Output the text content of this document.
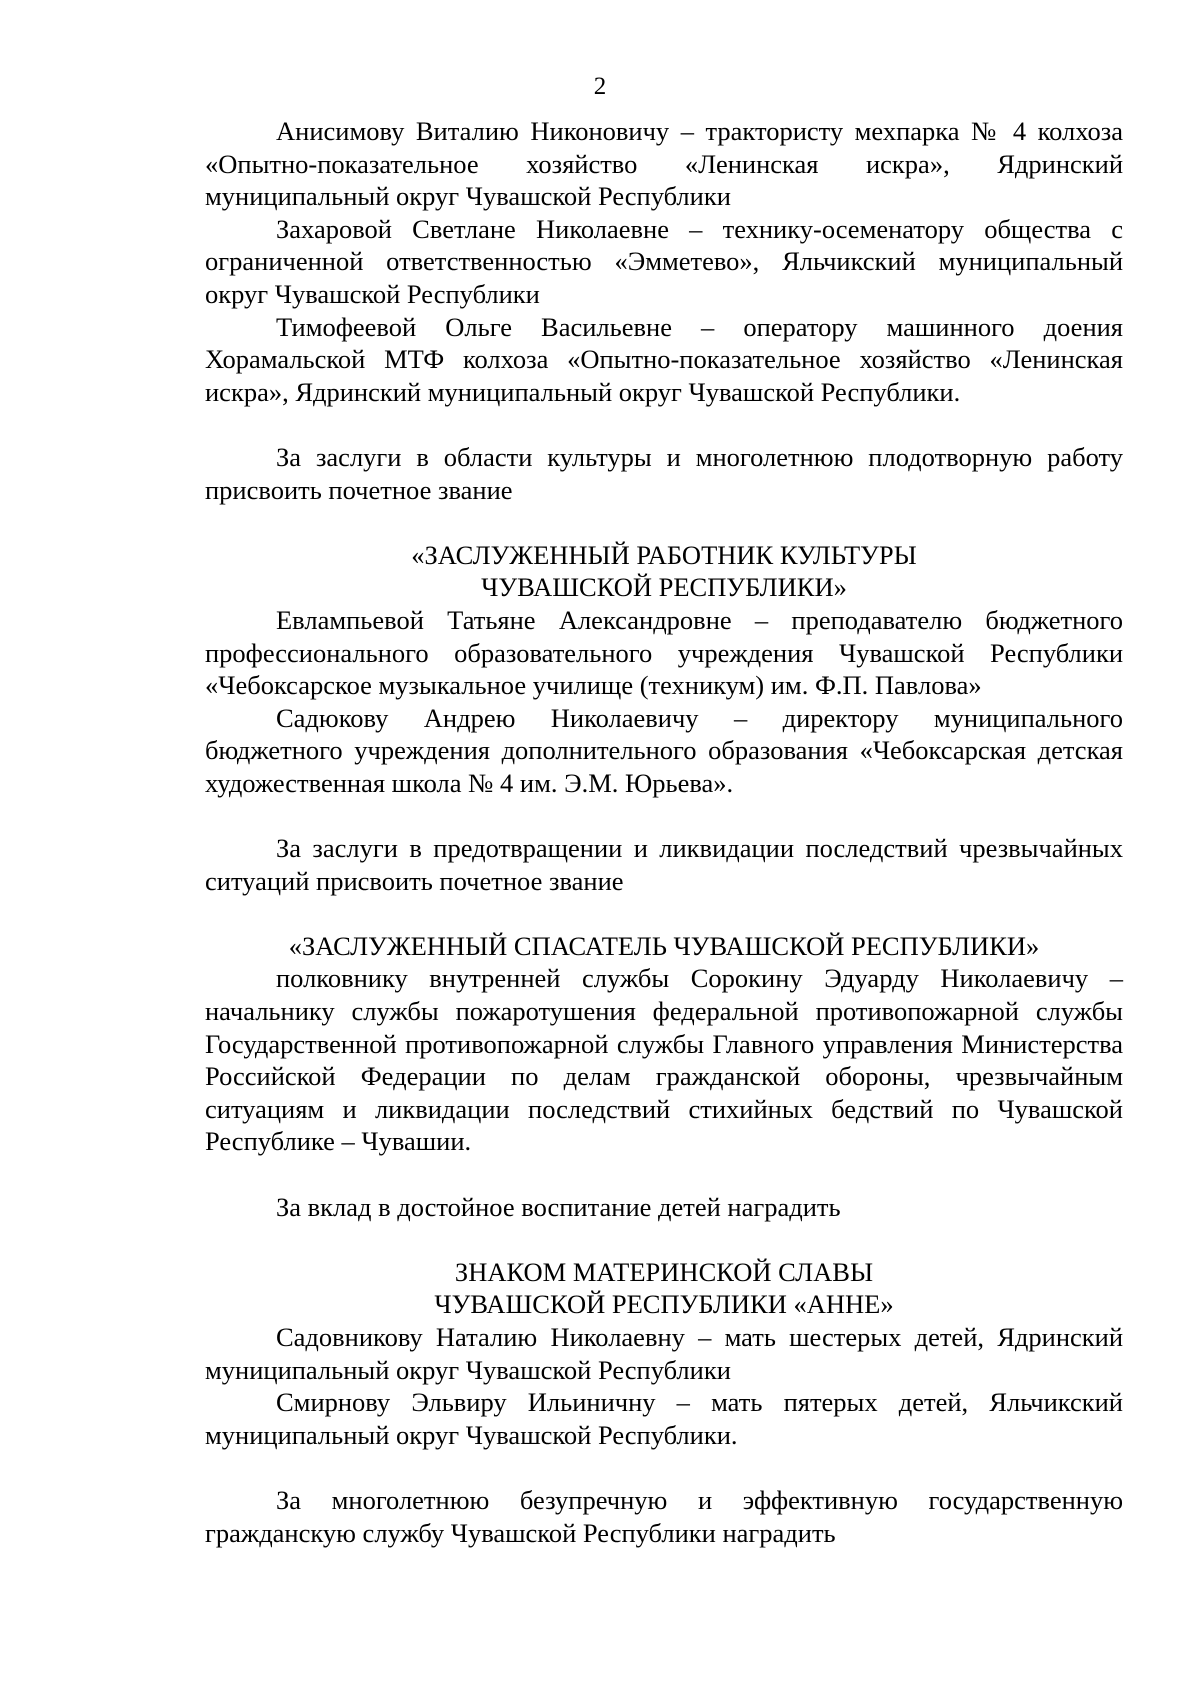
2

Анисимову Виталию Никоновичу – трактористу мехпарка № 4 колхоза «Опытно-показательное хозяйство «Ленинская искра», Ядринский муниципальный округ Чувашской Республики

Захаровой Светлане Николаевне – технику-осеменатору общества с ограниченной ответственностью «Эмметево», Яльчикский муниципальный округ Чувашской Республики

Тимофеевой Ольге Васильевне – оператору машинного доения Хорамальской МТФ колхоза «Опытно-показательное хозяйство «Ленинская искра», Ядринский муниципальный округ Чувашской Республики.

За заслуги в области культуры и многолетнюю плодотворную работу присвоить почетное звание

«ЗАСЛУЖЕННЫЙ РАБОТНИК КУЛЬТУРЫ
ЧУВАШСКОЙ РЕСПУБЛИКИ»

Евлампьевой Татьяне Александровне – преподавателю бюджетного профессионального образовательного учреждения Чувашской Республики «Чебоксарское музыкальное училище (техникум) им. Ф.П. Павлова»

Садюкову Андрею Николаевичу – директору муниципального бюджетного учреждения дополнительного образования «Чебоксарская детская художественная школа № 4 им. Э.М. Юрьева».

За заслуги в предотвращении и ликвидации последствий чрезвычайных ситуаций присвоить почетное звание

«ЗАСЛУЖЕННЫЙ СПАСАТЕЛЬ ЧУВАШСКОЙ РЕСПУБЛИКИ»

полковнику внутренней службы Сорокину Эдуарду Николаевичу – начальнику службы пожаротушения федеральной противопожарной службы Государственной противопожарной службы Главного управления Министерства Российской Федерации по делам гражданской обороны, чрезвычайным ситуациям и ликвидации последствий стихийных бедствий по Чувашской Республике – Чувашии.

За вклад в достойное воспитание детей наградить

ЗНАКОМ МАТЕРИНСКОЙ СЛАВЫ
ЧУВАШСКОЙ РЕСПУБЛИКИ «АННЕ»

Садовникову Наталию Николаевну – мать шестерых детей, Ядринский муниципальный округ Чувашской Республики

Смирнову Эльвиру Ильиничну – мать пятерых детей, Яльчикский муниципальный округ Чувашской Республики.

За многолетнюю безупречную и эффективную государственную гражданскую службу Чувашской Республики наградить
